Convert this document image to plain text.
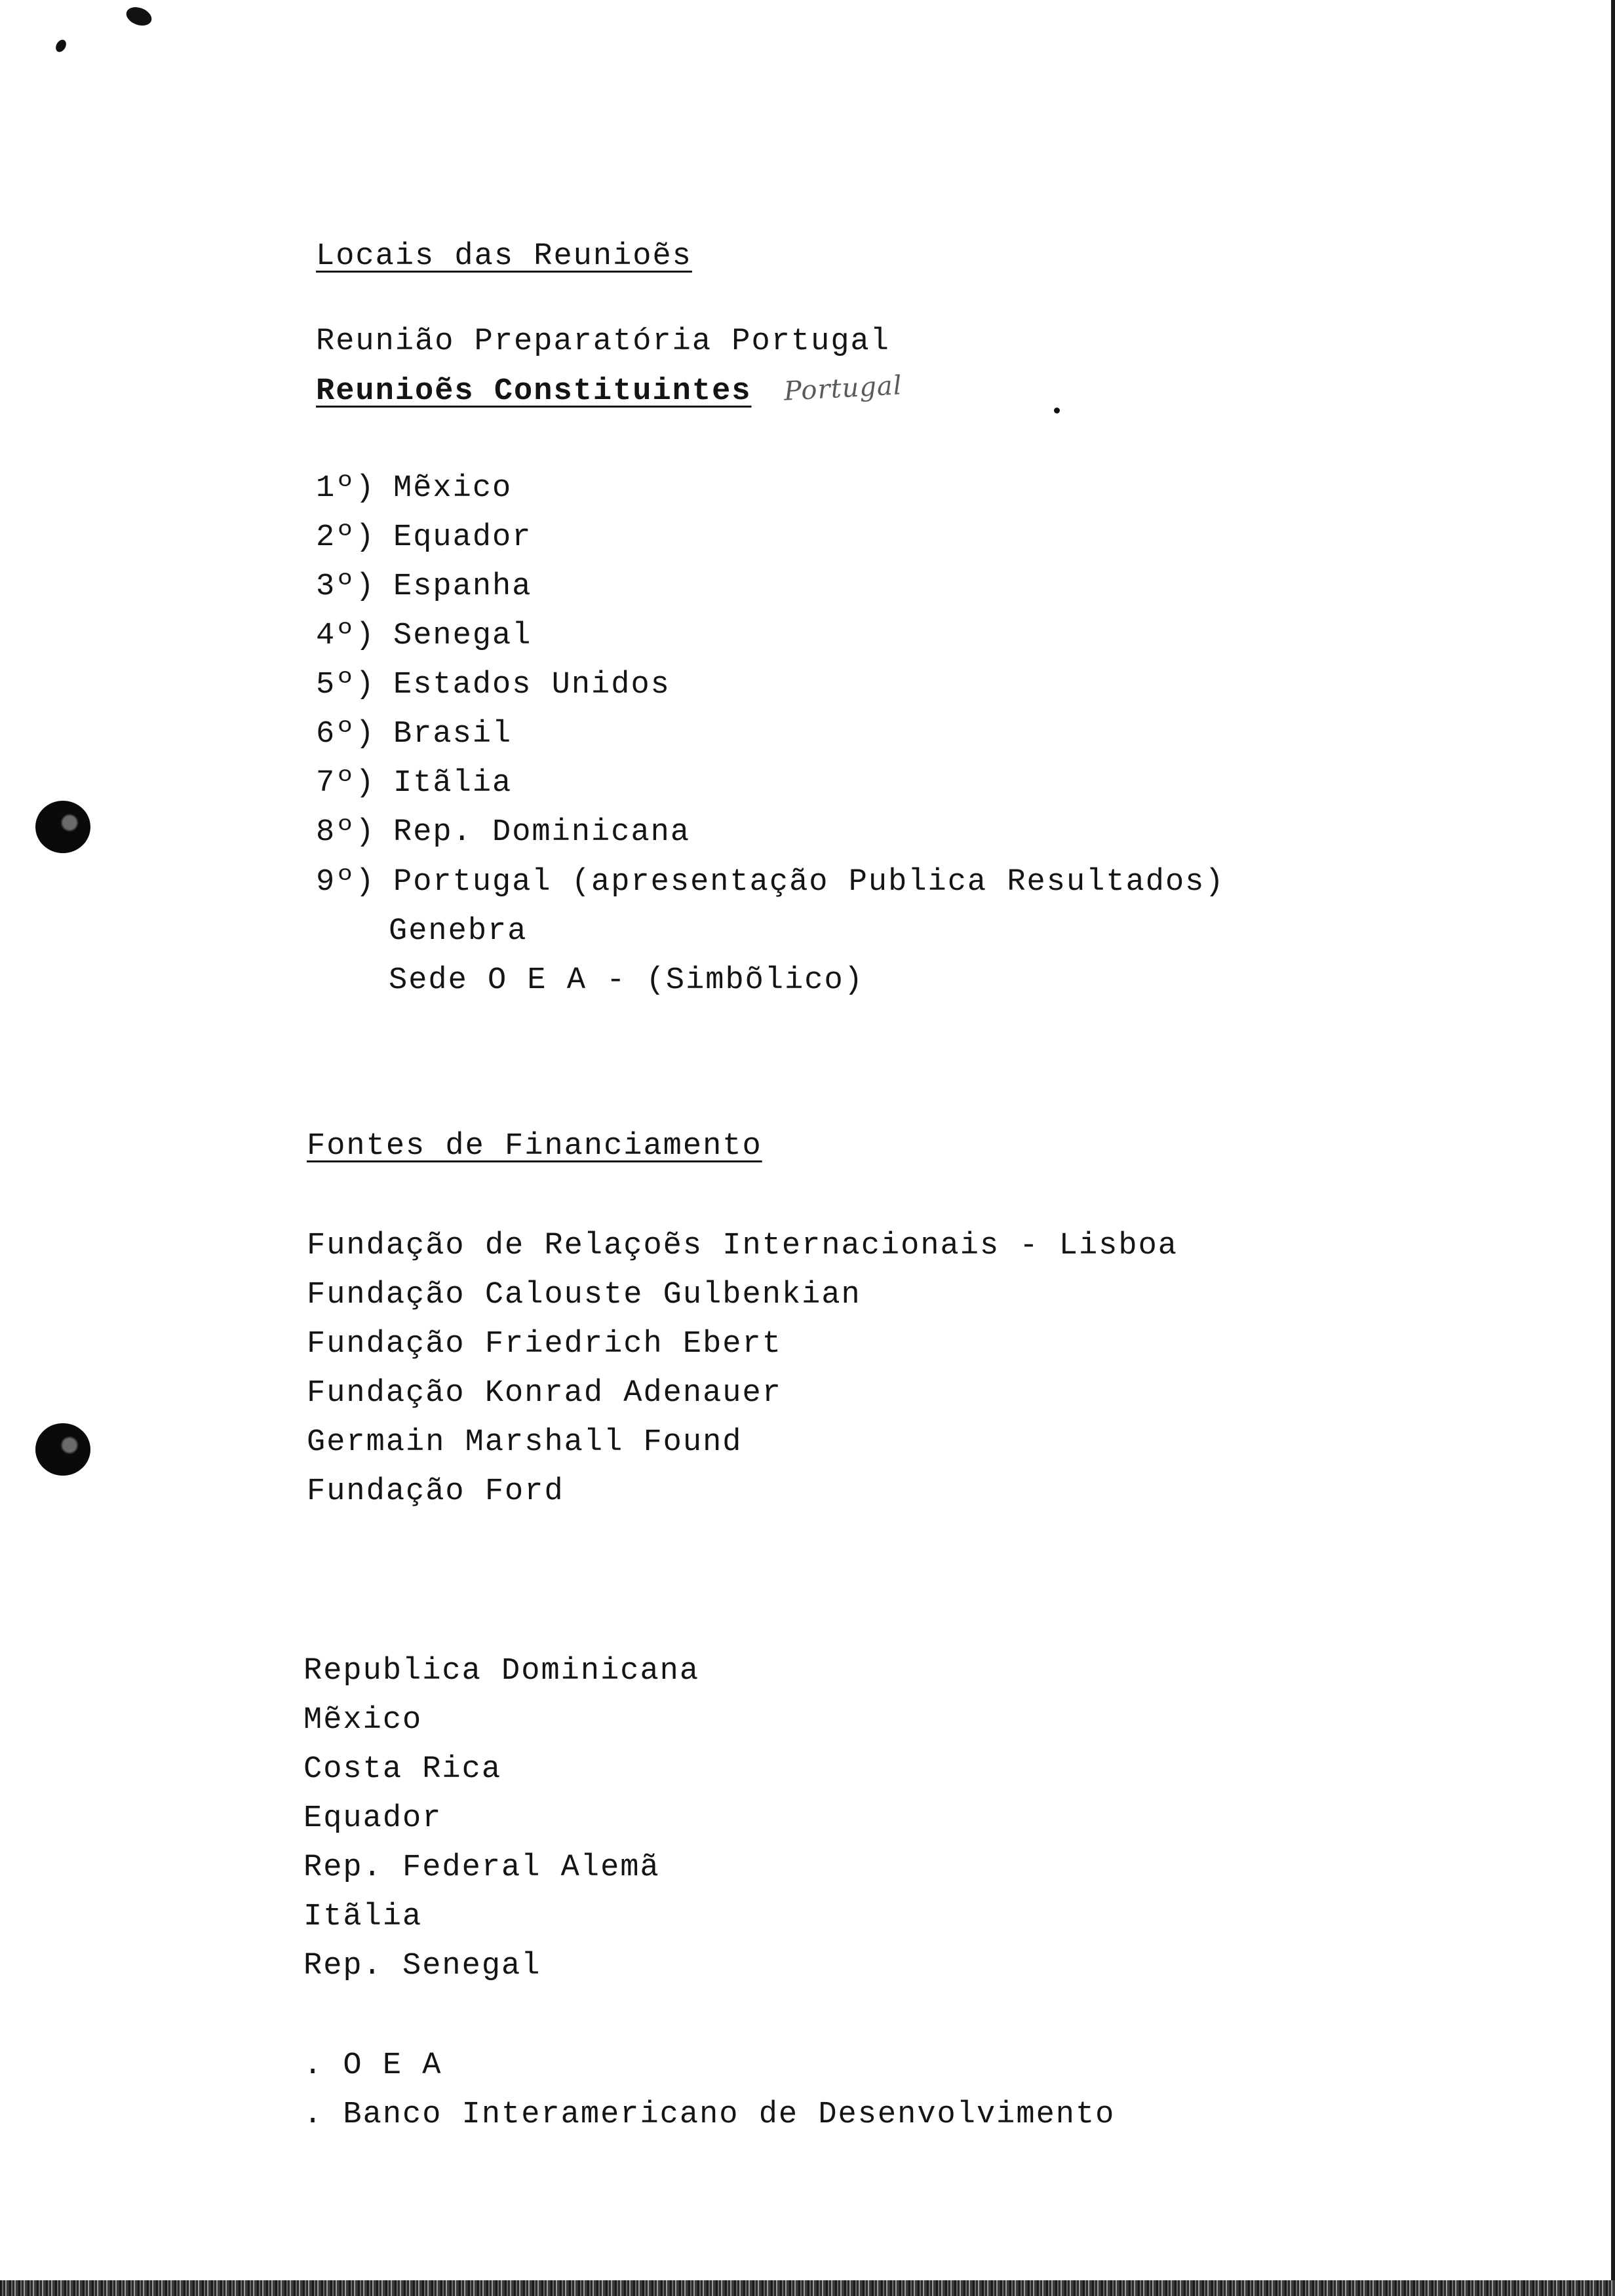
Locais das Reunioẽs
Reunião Preparatória Portugal
Reunioẽs Constituintes Portugal
1º) Mẽxico
2º) Equador
3º) Espanha
4º) Senegal
5º) Estados Unidos
6º) Brasil
7º) Itãlia
8º) Rep. Dominicana
9º) Portugal (apresentação Publica Resultados)
Genebra
Sede O E A - (Simbõlico)
Fontes de Financiamento
Fundação de Relaçoẽs Internacionais - Lisboa
Fundação Calouste Gulbenkian
Fundação Friedrich Ebert
Fundação Konrad Adenauer
Germain Marshall Found
Fundação Ford
Republica Dominicana
Mẽxico
Costa Rica
Equador
Rep. Federal Alemã
Itãlia
Rep. Senegal
. O E A
. Banco Interamericano de Desenvolvimento
